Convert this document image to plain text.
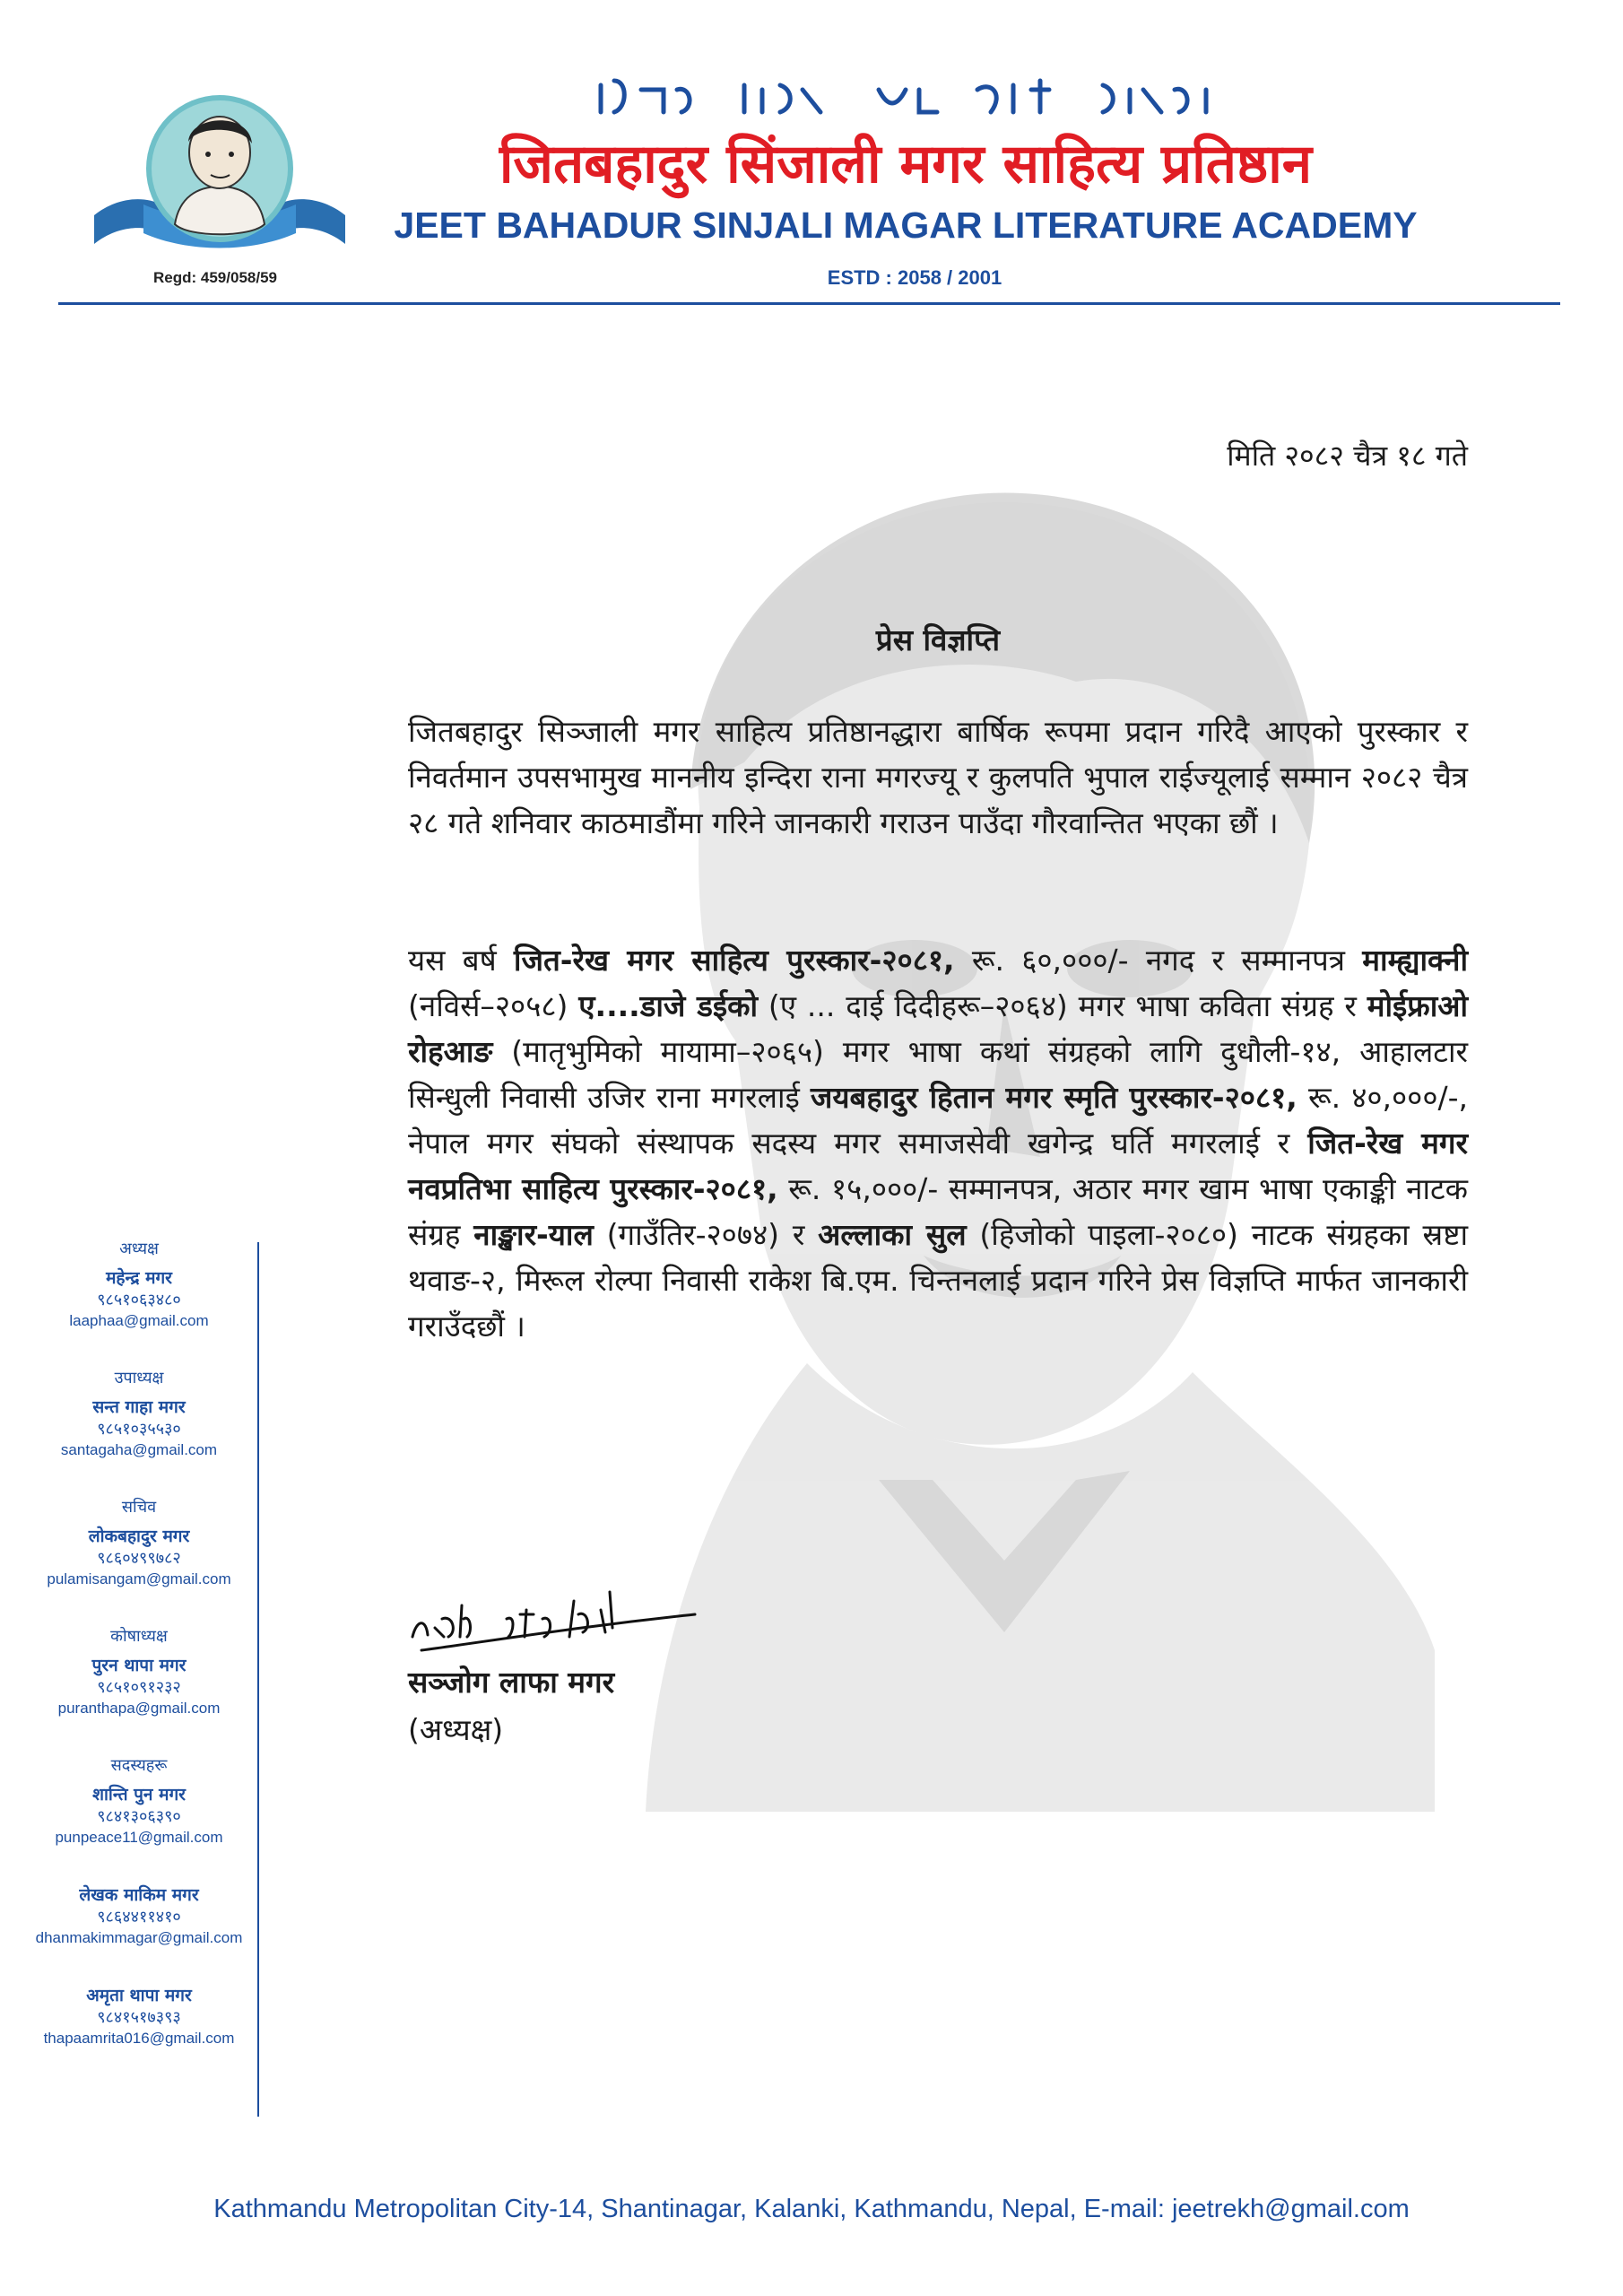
Regd: 459/058/59
जितबहादुर सिंजाली मगर साहित्य प्रतिष्ठान
JEET BAHADUR SINJALI MAGAR LITERATURE ACADEMY
ESTD : 2058 / 2001
मिति २०८२ चैत्र १८ गते
प्रेस विज्ञप्ति
जितबहादुर सिञ्जाली मगर साहित्य प्रतिष्ठानद्धारा बार्षिक रूपमा प्रदान गरिदै आएको पुरस्कार र निवर्तमान उपसभामुख माननीय इन्दिरा राना मगरज्यू र कुलपति भुपाल राईज्यूलाई सम्मान २०८२ चैत्र २८ गते शनिवार काठमाडौंमा गरिने जानकारी गराउन पाउँदा गौरवान्तित भएका छौं ।
यस बर्ष जित-रेख मगर साहित्य पुरस्कार-२०८१, रू. ६०,०००/- नगद र सम्मानपत्र माम्ह्याक्नी (नविर्स–२०५८) ए....डाजे डईको (ए ... दाई दिदीहरू–२०६४) मगर भाषा कविता संग्रह र मोईफ्राओ रोहआङ (मातृभुमिको मायामा–२०६५) मगर भाषा कथां संग्रहको लागि दुधौली-१४, आहालटार सिन्धुली निवासी उजिर राना मगरलाई जयबहादुर हितान मगर स्मृति पुरस्कार-२०८१, रू. ४०,०००/-, नेपाल मगर संघको संस्थापक सदस्य मगर समाजसेवी खगेन्द्र घर्ति मगरलाई र जित-रेख मगर नवप्रतिभा साहित्य पुरस्कार-२०८१, रू. १५,०००/- सम्मानपत्र, अठार मगर खाम भाषा एकाङ्की नाटक संग्रह नाङ्खार-याल (गाउँतिर-२०७४) र अल्लाका सुल (हिजोको पाइला-२०८०) नाटक संग्रहका स्रष्टा थवाङ-२, मिरूल रोल्पा निवासी राकेश बि.एम. चिन्तनलाई प्रदान गरिने प्रेस विज्ञप्ति मार्फत जानकारी गराउँदछौं ।
सञ्जोग लाफा मगर
(अध्यक्ष)
अध्यक्ष
महेन्द्र मगर
९८५१०६३४८०
laaphaa@gmail.com
उपाध्यक्ष
सन्त गाहा मगर
९८५१०३५५३०
santagaha@gmail.com
सचिव
लोकबहादुर मगर
९८६०४९९७८२
pulamisangam@gmail.com
कोषाध्यक्ष
पुरन थापा मगर
९८५१०९१२३२
puranthapa@gmail.com
सदस्यहरू
शान्ति पुन मगर
९८४१३०६३९०
punpeace11@gmail.com
लेखक माकिम मगर
९८६४४११४१०
dhanmakimmagar@gmail.com
अमृता थापा मगर
९८४१५१७३९३
thapaamrita016@gmail.com
Kathmandu Metropolitan City-14, Shantinagar, Kalanki, Kathmandu, Nepal, E-mail: jeetrekh@gmail.com
